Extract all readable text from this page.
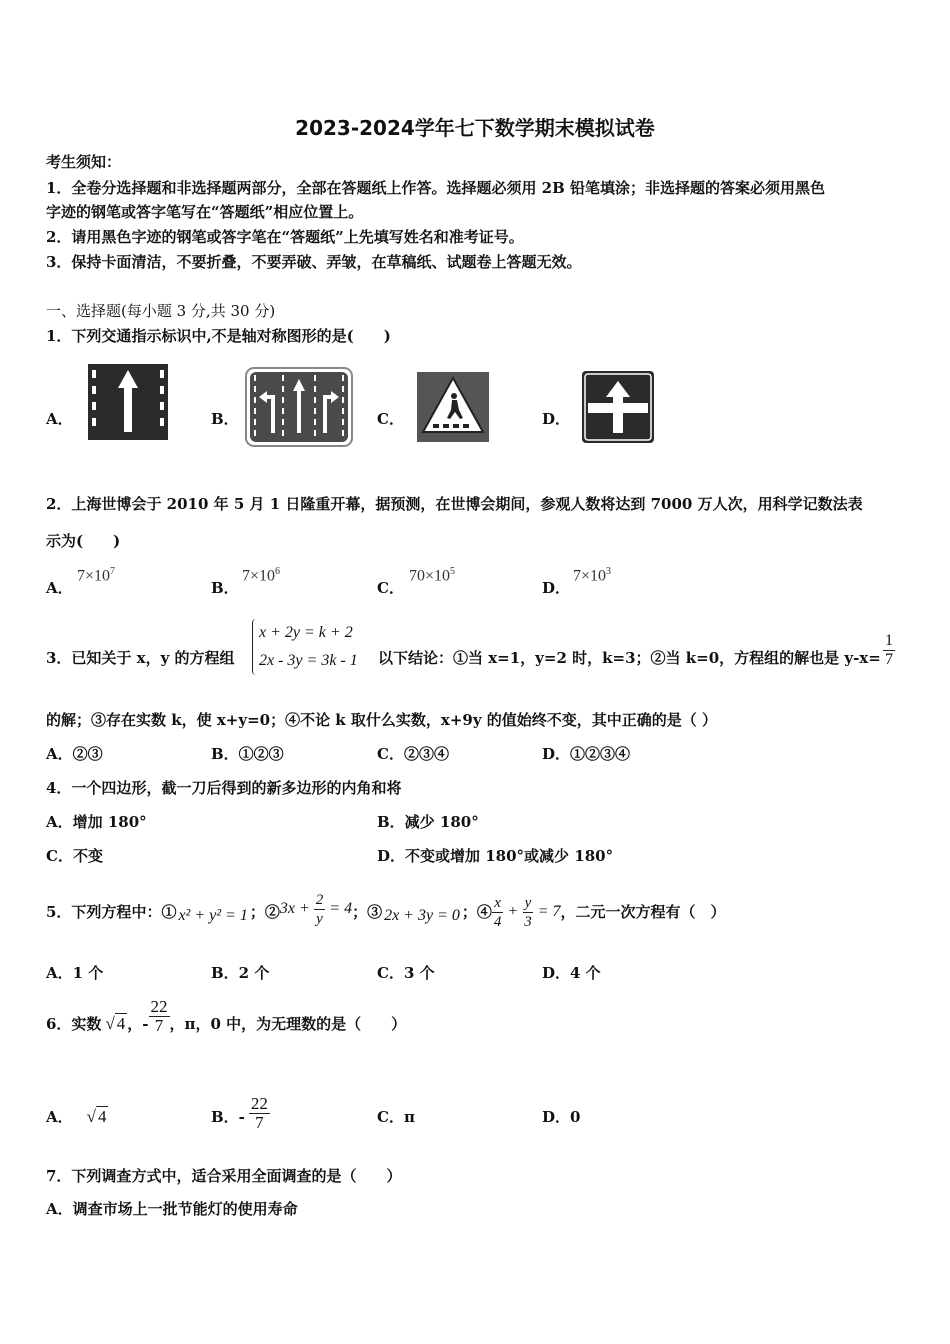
2023-2024学年七下数学期末模拟试卷
考生须知：
1．全卷分选择题和非选择题两部分，全部在答题纸上作答。选择题必须用 2B 铅笔填涂；非选择题的答案必须用黑色
字迹的钢笔或答字笔写在“答题纸”相应位置上。
2．请用黑色字迹的钢笔或答字笔在“答题纸”上先填写姓名和准考证号。
3．保持卡面清洁，不要折叠，不要弄破、弄皱，在草稿纸、试题卷上答题无效。
一、选择题(每小题 3 分,共 30 分)
1．下列交通指示标识中,不是轴对称图形的是(　　)
A．	B．	C．	D．
2．上海世博会于 2010 年 5 月 1 日隆重开幕，据预测，在世博会期间，参观人数将达到 7000 万人次，用科学记数法表
示为(　　)
A．
$7\times 10^7$
B．
$7\times 10^6$
C．
$70\times 10^5$
D．
$7\times 10^3$
3．已知关于 x，y 的方程组
x + 2y = k + 2
2x - 3y = 3k - 1 以下结论：①当 x=1，y=2 时，k=3；②当 k=0，方程组的解也是 $y-x= \frac{1}{7}$
的解；③存在实数 k，使 x+y=0；④不论 k 取什么实数，x+9y 的值始终不变，其中正确的是（ ）
A．②③	B．①②③	C．②③④	D．①②③④
4．一个四边形，截一刀后得到的新多边形的内角和将
A．增加 180°	B．减少 180°
C．不变	D．不变或增加 180°或减少 180°
5．下列方程中：① x² + y² = 1 ；② $3x + \frac{2}{y} = 4$ ；③ 2x + 3y = 0 ；④ $\frac{x}{4} + \frac{y}{3} = 7$ ，二元一次方程有（　）
A．1 个	B．2 个	C．3 个	D．4 个
6．实数 √ 4 ，- $\frac{22}{7}$ ，π，0 中，为无理数的是（　　）
A． √ 4	B．- $\frac{22}{7}$	C．π	D．0
7．下列调查方式中，适合采用全面调查的是（　　）
A．调查市场上一批节能灯的使用寿命
